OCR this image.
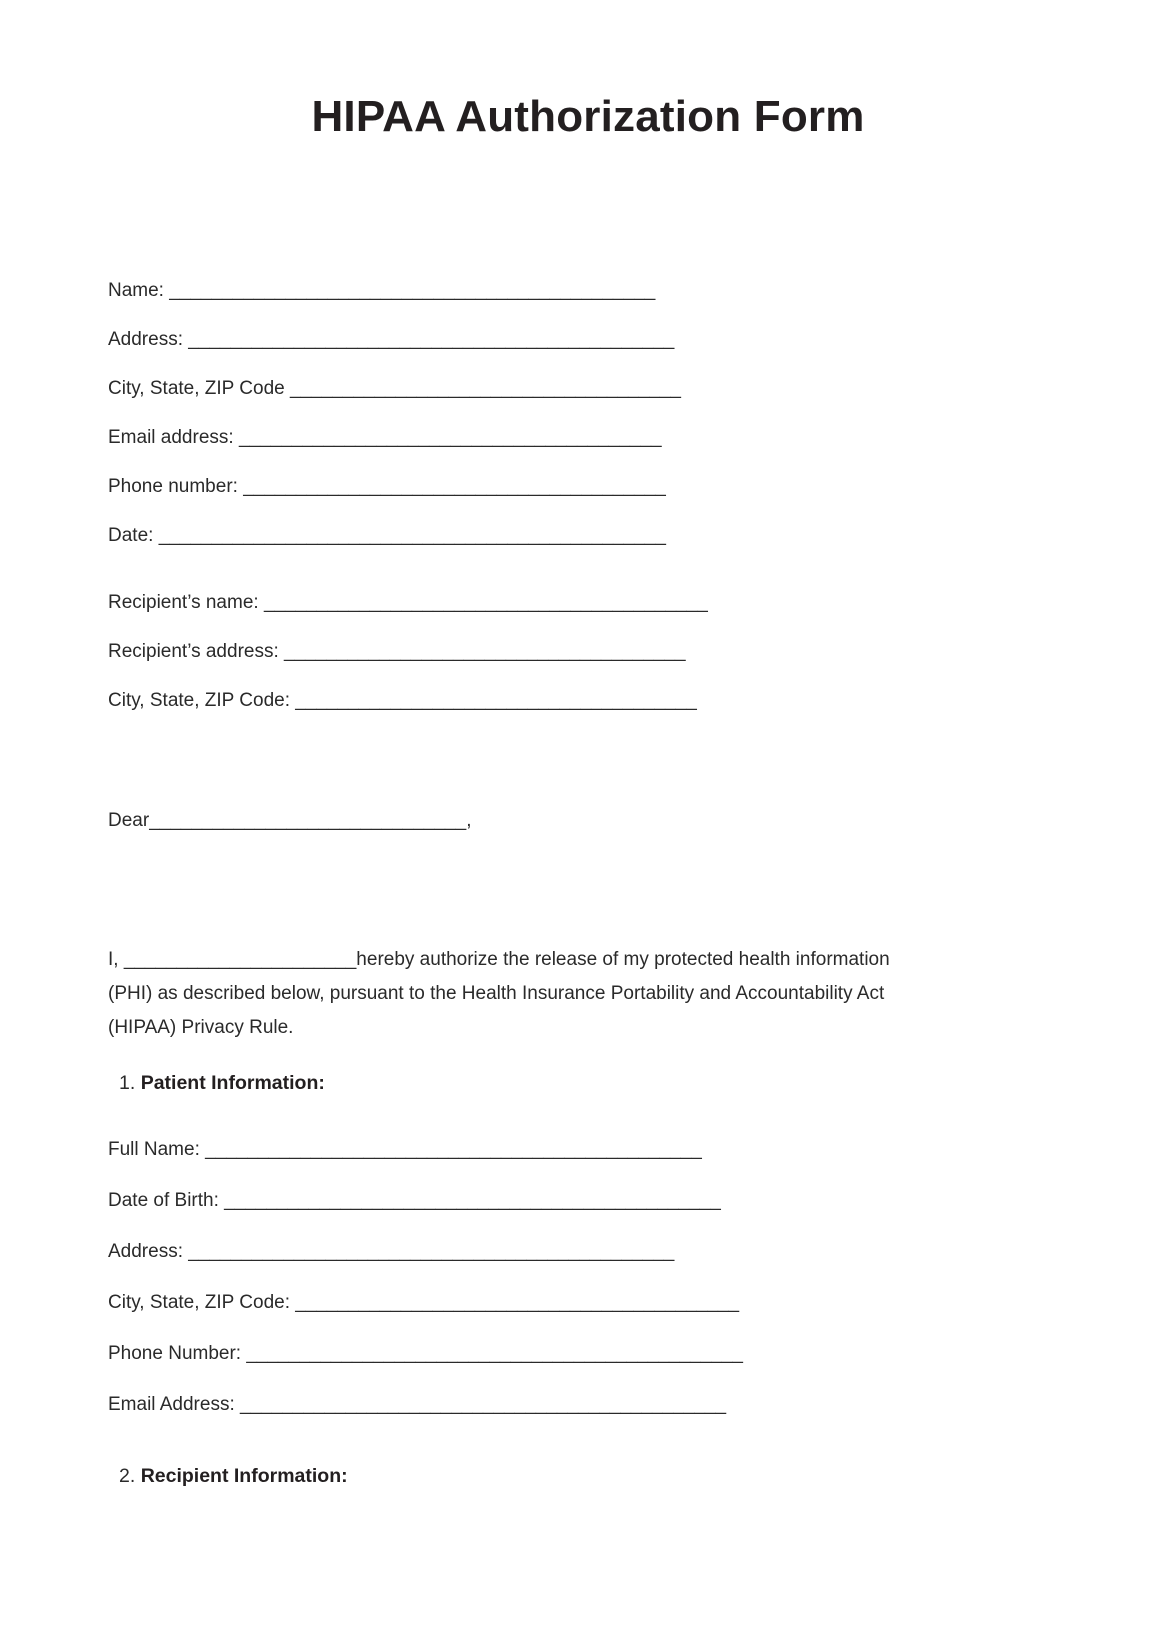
HIPAA Authorization Form
Name: ______________________________________________
Address: ______________________________________________
City, State, ZIP Code _____________________________________
Email address: ________________________________________
Phone number: ________________________________________
Date: ________________________________________________
Recipient’s name: __________________________________________
Recipient’s address: ______________________________________
City, State, ZIP Code: ______________________________________
Dear______________________________,
I, ______________________hereby authorize the release of my protected health information
(PHI) as described below, pursuant to the Health Insurance Portability and Accountability Act
(HIPAA) Privacy Rule.
1. Patient Information:
Full Name: _______________________________________________
Date of Birth: _______________________________________________
Address: ______________________________________________
City, State, ZIP Code: __________________________________________
Phone Number: _______________________________________________
Email Address: ______________________________________________
2. Recipient Information:
